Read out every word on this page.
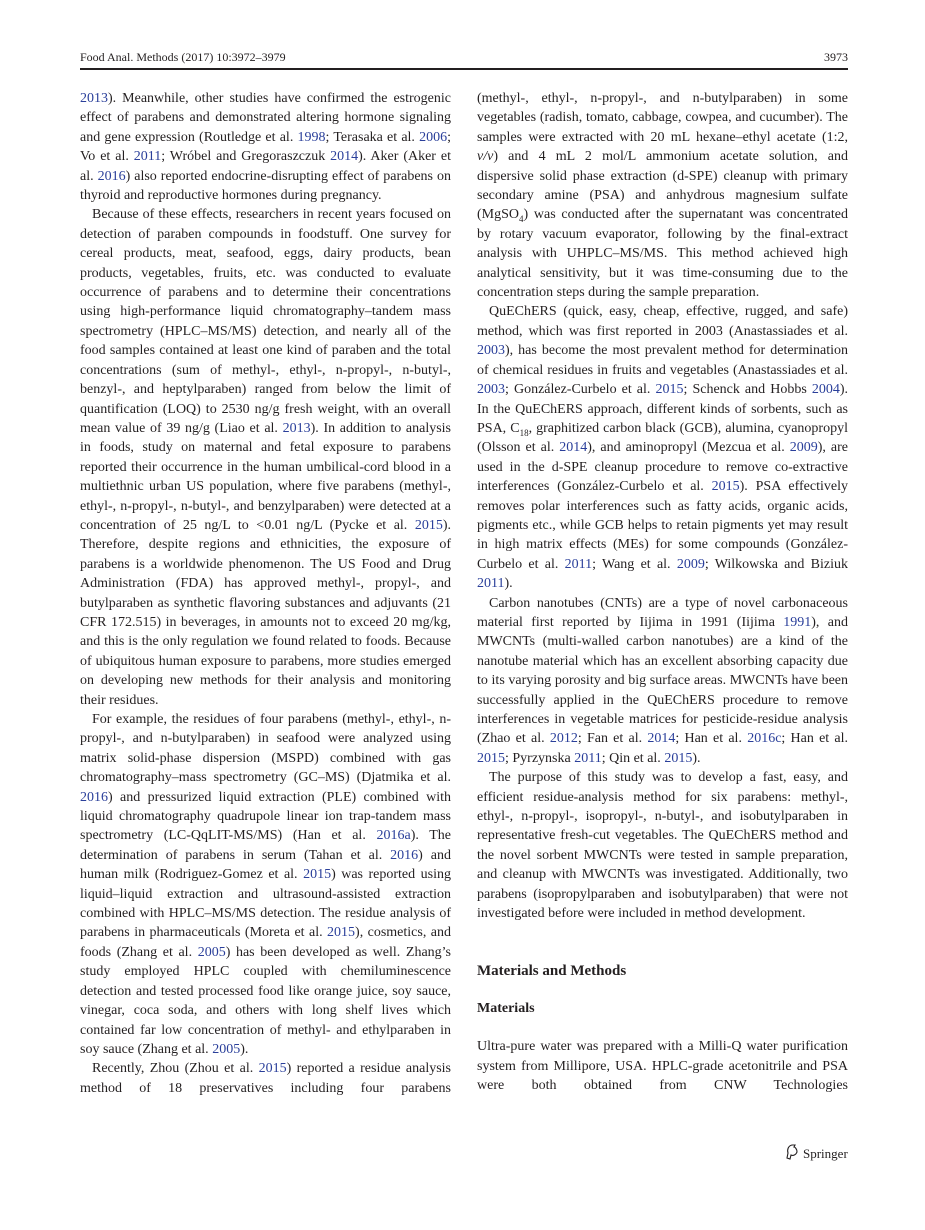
Food Anal. Methods (2017) 10:3972–3979	3973

2013). Meanwhile, other studies have confirmed the estrogenic effect of parabens and demonstrated altering hormone signaling and gene expression (Routledge et al. 1998; Terasaka et al. 2006; Vo et al. 2011; Wróbel and Gregoraszczuk 2014). Aker (Aker et al. 2016) also reported endocrine-disrupting effect of parabens on thyroid and reproductive hormones during pregnancy.

Because of these effects, researchers in recent years focused on detection of paraben compounds in foodstuff. One survey for cereal products, meat, seafood, eggs, dairy products, bean products, vegetables, fruits, etc. was conducted to evaluate occurrence of parabens and to determine their concentrations using high-performance liquid chromatography–tandem mass spectrometry (HPLC–MS/MS) detection, and nearly all of the food samples contained at least one kind of paraben and the total concentrations (sum of methyl-, ethyl-, n-propyl-, n-butyl-, benzyl-, and heptylparaben) ranged from below the limit of quantification (LOQ) to 2530 ng/g fresh weight, with an overall mean value of 39 ng/g (Liao et al. 2013). In addition to analysis in foods, study on maternal and fetal exposure to parabens reported their occurrence in the human umbilical-cord blood in a multiethnic urban US population, where five parabens (methyl-, ethyl-, n-propyl-, n-butyl-, and benzylparaben) were detected at a concentration of 25 ng/L to <0.01 ng/L (Pycke et al. 2015). Therefore, despite regions and ethnicities, the exposure of parabens is a worldwide phenomenon. The US Food and Drug Administration (FDA) has approved methyl-, propyl-, and butylparaben as synthetic flavoring substances and adjuvants (21 CFR 172.515) in beverages, in amounts not to exceed 20 mg/kg, and this is the only regulation we found related to foods. Because of ubiquitous human exposure to parabens, more studies emerged on developing new methods for their analysis and monitoring their residues.

For example, the residues of four parabens (methyl-, ethyl-, n-propyl-, and n-butylparaben) in seafood were analyzed using matrix solid-phase dispersion (MSPD) combined with gas chromatography–mass spectrometry (GC–MS) (Djatmika et al. 2016) and pressurized liquid extraction (PLE) combined with liquid chromatography quadrupole linear ion trap-tandem mass spectrometry (LC-QqLIT-MS/MS) (Han et al. 2016a). The determination of parabens in serum (Tahan et al. 2016) and human milk (Rodriguez-Gomez et al. 2015) was reported using liquid–liquid extraction and ultrasound-assisted extraction combined with HPLC–MS/MS detection. The residue analysis of parabens in pharmaceuticals (Moreta et al. 2015), cosmetics, and foods (Zhang et al. 2005) has been developed as well. Zhang’s study employed HPLC coupled with chemiluminescence detection and tested processed food like orange juice, soy sauce, vinegar, coca soda, and others with long shelf lives which contained far low concentration of methyl- and ethylparaben in soy sauce (Zhang et al. 2005).

Recently, Zhou (Zhou et al. 2015) reported a residue analysis method of 18 preservatives including four parabens

(methyl-, ethyl-, n-propyl-, and n-butylparaben) in some vegetables (radish, tomato, cabbage, cowpea, and cucumber). The samples were extracted with 20 mL hexane–ethyl acetate (1:2, v/v) and 4 mL 2 mol/L ammonium acetate solution, and dispersive solid phase extraction (d-SPE) cleanup with primary secondary amine (PSA) and anhydrous magnesium sulfate (MgSO$_4$) was conducted after the supernatant was concentrated by rotary vacuum evaporator, following by the final-extract analysis with UHPLC–MS/MS. This method achieved high analytical sensitivity, but it was time-consuming due to the concentration steps during the sample preparation.

QuEChERS (quick, easy, cheap, effective, rugged, and safe) method, which was first reported in 2003 (Anastassiades et al. 2003), has become the most prevalent method for determination of chemical residues in fruits and vegetables (Anastassiades et al. 2003; González-Curbelo et al. 2015; Schenck and Hobbs 2004). In the QuEChERS approach, different kinds of sorbents, such as PSA, $C_{18}$, graphitized carbon black (GCB), alumina, cyanopropyl (Olsson et al. 2014), and aminopropyl (Mezcua et al. 2009), are used in the d-SPE cleanup procedure to remove co-extractive interferences (González-Curbelo et al. 2015). PSA effectively removes polar interferences such as fatty acids, organic acids, pigments etc., while GCB helps to retain pigments yet may result in high matrix effects (MEs) for some compounds (González-Curbelo et al. 2011; Wang et al. 2009; Wilkowska and Biziuk 2011).

Carbon nanotubes (CNTs) are a type of novel carbonaceous material first reported by Iijima in 1991 (Iijima 1991), and MWCNTs (multi-walled carbon nanotubes) are a kind of the nanotube material which has an excellent absorbing capacity due to its varying porosity and big surface areas. MWCNTs have been successfully applied in the QuEChERS procedure to remove interferences in vegetable matrices for pesticide-residue analysis (Zhao et al. 2012; Fan et al. 2014; Han et al. 2016c; Han et al. 2015; Pyrzynska 2011; Qin et al. 2015).

The purpose of this study was to develop a fast, easy, and efficient residue-analysis method for six parabens: methyl-, ethyl-, n-propyl-, isopropyl-, n-butyl-, and isobutylparaben in representative fresh-cut vegetables. The QuEChERS method and the novel sorbent MWCNTs were tested in sample preparation, and cleanup with MWCNTs was investigated. Additionally, two parabens (isopropylparaben and isobutylparaben) that were not investigated before were included in method development.

Materials and Methods
Materials

Ultra-pure water was prepared with a Milli-Q water purification system from Millipore, USA. HPLC-grade acetonitrile and PSA were both obtained from CNW Technologies

Springer
